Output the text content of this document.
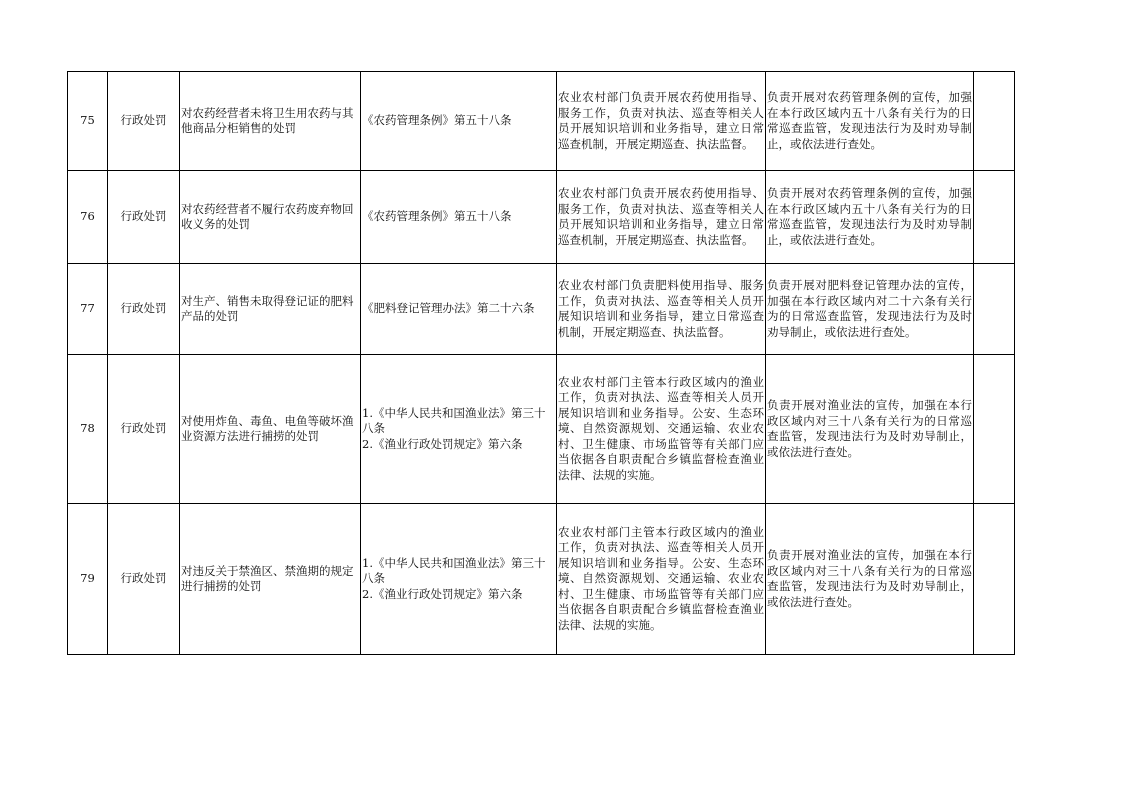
75	行政处罚	对农药经营者未将卫生用农药与其他商品分柜销售的处罚	《农药管理条例》第五十八条	农业农村部门负责开展农药使用指导、服务工作，负责对执法、巡查等相关人员开展知识培训和业务指导，建立日常巡查机制，开展定期巡查、执法监督。	负责开展对农药管理条例的宣传，加强在本行政区域内五十八条有关行为的日常巡查监管，发现违法行为及时劝导制止，或依法进行查处。	
76	行政处罚	对农药经营者不履行农药废弃物回收义务的处罚	《农药管理条例》第五十八条	农业农村部门负责开展农药使用指导、服务工作，负责对执法、巡查等相关人员开展知识培训和业务指导，建立日常巡查机制，开展定期巡查、执法监督。	负责开展对农药管理条例的宣传，加强在本行政区域内五十八条有关行为的日常巡查监管，发现违法行为及时劝导制止，或依法进行查处。	
77	行政处罚	对生产、销售未取得登记证的肥料产品的处罚	《肥料登记管理办法》第二十六条	农业农村部门负责肥料使用指导、服务工作，负责对执法、巡查等相关人员开展知识培训和业务指导，建立日常巡查机制，开展定期巡查、执法监督。	负责开展对肥料登记管理办法的宣传，加强在本行政区域内对二十六条有关行为的日常巡查监管，发现违法行为及时劝导制止，或依法进行查处。	
78	行政处罚	对使用炸鱼、毒鱼、电鱼等破坏渔业资源方法进行捕捞的处罚	1.《中华人民共和国渔业法》第三十八条
2.《渔业行政处罚规定》第六条	农业农村部门主管本行政区域内的渔业工作，负责对执法、巡查等相关人员开展知识培训和业务指导。公安、生态环境、自然资源规划、交通运输、农业农村、卫生健康、市场监管等有关部门应当依据各自职责配合乡镇监督检查渔业法律、法规的实施。	负责开展对渔业法的宣传，加强在本行政区域内对三十八条有关行为的日常巡查监管，发现违法行为及时劝导制止，或依法进行查处。	
79	行政处罚	对违反关于禁渔区、禁渔期的规定进行捕捞的处罚	1.《中华人民共和国渔业法》第三十八条
2.《渔业行政处罚规定》第六条	农业农村部门主管本行政区域内的渔业工作，负责对执法、巡查等相关人员开展知识培训和业务指导。公安、生态环境、自然资源规划、交通运输、农业农村、卫生健康、市场监管等有关部门应当依据各自职责配合乡镇监督检查渔业法律、法规的实施。	负责开展对渔业法的宣传，加强在本行政区域内对三十八条有关行为的日常巡查监管，发现违法行为及时劝导制止，或依法进行查处。	
